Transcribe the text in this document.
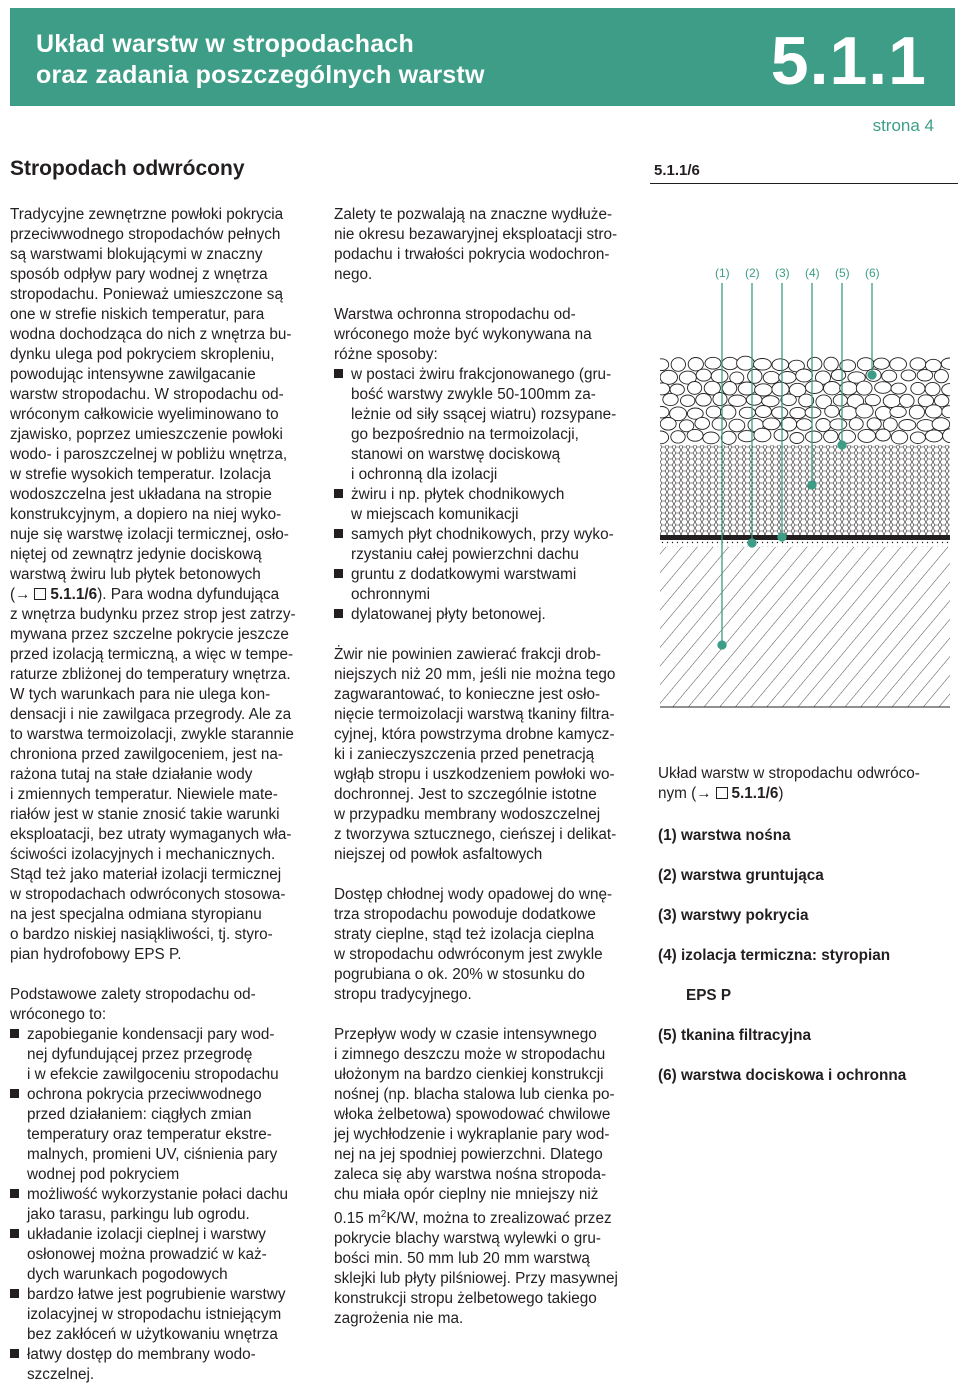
Układ warstw w stropodachach
oraz zadania poszczególnych warstw	5.1.1
strona 4
Stropodach odwrócony	5.1.1/6

Tradycyjne zewnętrzne powłoki pokrycia
przeciwwodnego stropodachów pełnych
są warstwami blokującymi w znaczny
sposób odpływ pary wodnej z wnętrza
stropodachu. Ponieważ umieszczone są
one w strefie niskich temperatur, para
wodna dochodząca do nich z wnętrza bu-
dynku ulega pod pokryciem skropleniu,
powodując intensywne zawilgacanie
warstw stropodachu. W stropodachu od-
wróconym całkowicie wyeliminowano to
zjawisko, poprzez umieszczenie powłoki
wodo- i paroszczelnej w pobliżu wnętrza,
w strefie wysokich temperatur. Izolacja
wodoszczelna jest układana na stropie
konstrukcyjnym, a dopiero na niej wyko-
nuje się warstwę izolacji termicznej, osło-
niętej od zewnątrz jedynie dociskową
warstwą żwiru lub płytek betonowych
(→ 5.1.1/6). Para wodna dyfundująca
z wnętrza budynku przez strop jest zatrzy-
mywana przez szczelne pokrycie jeszcze
przed izolacją termiczną, a więc w tempe-
raturze zbliżonej do temperatury wnętrza.
W tych warunkach para nie ulega kon-
densacji i nie zawilgaca przegrody. Ale za
to warstwa termoizolacji, zwykle starannie
chroniona przed zawilgoceniem, jest na-
rażona tutaj na stałe działanie wody
i zmiennych temperatur. Niewiele mate-
riałów jest w stanie znosić takie warunki
eksploatacji, bez utraty wymaganych wła-
ściwości izolacyjnych i mechanicznych.
Stąd też jako materiał izolacji termicznej
w stropodachach odwróconych stosowa-
na jest specjalna odmiana styropianu
o bardzo niskiej nasiąkliwości, tj. styro-
pian hydrofobowy EPS P.

Podstawowe zalety stropodachu od-
wróconego to:

zapobieganie kondensacji pary wod-
nej dyfundującej przez przegrodę
i w efekcie zawilgoceniu stropodachu

ochrona pokrycia przeciwwodnego
przed działaniem: ciągłych zmian
temperatury oraz temperatur ekstre-
malnych, promieni UV, ciśnienia pary
wodnej pod pokryciem

możliwość wykorzystanie połaci dachu
jako tarasu, parkingu lub ogrodu.

układanie izolacji cieplnej i warstwy
osłonowej można prowadzić w każ-
dych warunkach pogodowych

bardzo łatwe jest pogrubienie warstwy
izolacyjnej w stropodachu istniejącym
bez zakłóceń w użytkowaniu wnętrza

łatwy dostęp do membrany wodo-
szczelnej.

Zalety te pozwalają na znaczne wydłuże-
nie okresu bezawaryjnej eksploatacji stro-
podachu i trwałości pokrycia wodochron-
nego.

Warstwa ochronna stropodachu od-
wróconego może być wykonywana na
różne sposoby:

w postaci żwiru frakcjonowanego (gru-
bość warstwy zwykle 50-100mm za-
leżnie od siły ssącej wiatru) rozsypane-
go bezpośrednio na termoizolacji,
stanowi on warstwę dociskową
i ochronną dla izolacji

żwiru i np. płytek chodnikowych
w miejscach komunikacji

samych płyt chodnikowych, przy wyko-
rzystaniu całej powierzchni dachu

gruntu z dodatkowymi warstwami
ochronnymi

dylatowanej płyty betonowej.

Żwir nie powinien zawierać frakcji drob-
niejszych niż 20 mm, jeśli nie można tego
zagwarantować, to konieczne jest osło-
nięcie termoizolacji warstwą tkaniny filtra-
cyjnej, która powstrzyma drobne kamycz-
ki i zanieczyszczenia przed penetracją
wgłąb stropu i uszkodzeniem powłoki wo-
dochronnej. Jest to szczególnie istotne
w przypadku membrany wodoszczelnej
z tworzywa sztucznego, cieńszej i delikat-
niejszej od powłok asfaltowych

Dostęp chłodnej wody opadowej do wnę-
trza stropodachu powoduje dodatkowe
straty cieplne, stąd też izolacja cieplna
w stropodachu odwróconym jest zwykle
pogrubiana o ok. 20% w stosunku do
stropu tradycyjnego.

Przepływ wody w czasie intensywnego
i zimnego deszczu może w stropodachu
ułożonym na bardzo cienkiej konstrukcji
nośnej (np. blacha stalowa lub cienka po-
włoka żelbetowa) spowodować chwilowe
jej wychłodzenie i wykraplanie pary wod-
nej na jej spodniej powierzchni. Dlatego
zaleca się aby warstwa nośna stropoda-
chu miała opór cieplny nie mniejszy niż
0.15 $m^2K/W$, można to zrealizować przez
pokrycie blachy warstwą wylewki o gru-
bości min. 50 mm lub 20 mm warstwą
sklejki lub płyty pilśniowej. Przy masywnej
konstrukcji stropu żelbetowego takiego
zagrożenia nie ma.

(1) (2) (3) (4) (5) (6)
Układ warstw w stropodachu odwróco-
nym (→ 5.1.1/6)
(1) warstwa nośna
(2) warstwa gruntująca
(3) warstwy pokrycia
(4) izolacja termiczna: styropian
EPS P
(5) tkanina filtracyjna
(6) warstwa dociskowa i ochronna
